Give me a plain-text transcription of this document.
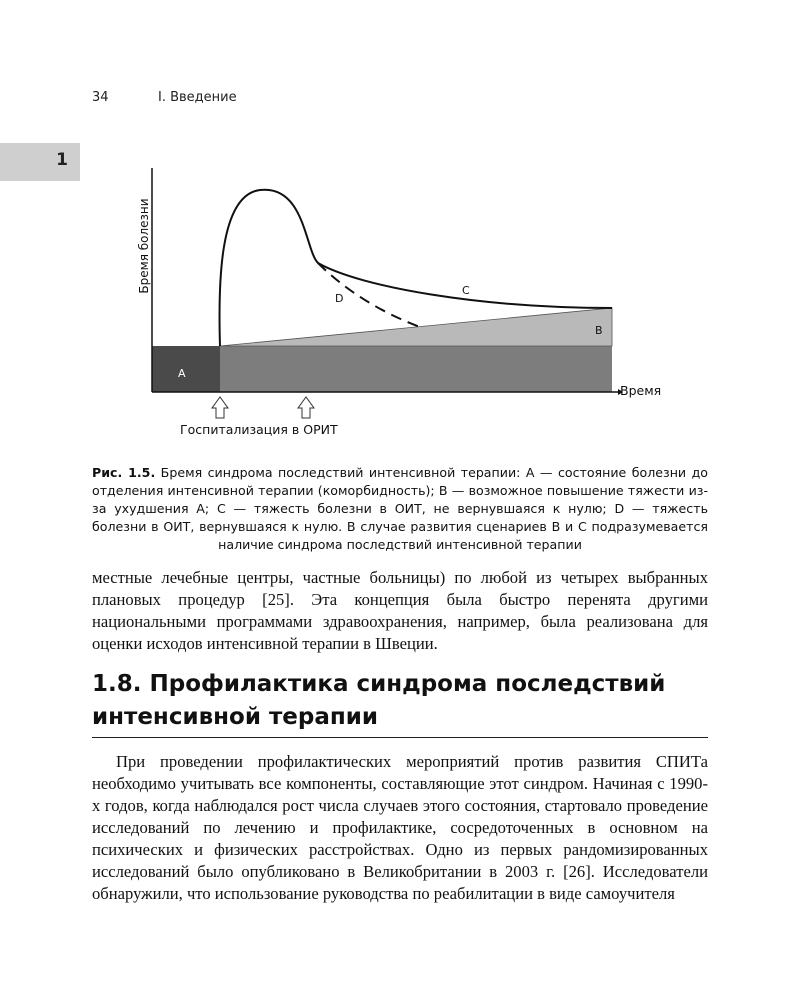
34	I. Введение
1
Бремя болезни
Время
A
B
C
D
Госпитализация в ОРИТ
Рис. 1.5. Бремя синдрома последствий интенсивной терапии: А — состояние болезни до отделения интенсивной терапии (коморбидность); В — возможное повышение тяжести из-за ухудшения А; С — тяжесть болезни в ОИТ, не вернувшаяся к нулю; D — тяжесть болезни в ОИТ, вернувшаяся к нулю. В случае развития сценариев В и С подразумевается наличие синдрома последствий интенсивной терапии
местные лечебные центры, частные больницы) по любой из четырех выбранных плановых процедур [25]. Эта концепция была быстро перенята другими национальными программами здравоохранения, например, была реализована для оценки исходов интенсивной терапии в Швеции.
1.8. Профилактика синдрома последствий интенсивной терапии
При проведении профилактических мероприятий против развития СПИТа необходимо учитывать все компоненты, составляющие этот синдром. Начиная с 1990-х годов, когда наблюдался рост числа случаев этого состояния, стартовало проведение исследований по лечению и профилактике, сосредоточенных в основном на психических и физических расстройствах. Одно из первых рандомизированных исследований было опубликовано в Великобритании в 2003 г. [26]. Исследователи обнаружили, что использование руководства по реабилитации в виде самоучителя
